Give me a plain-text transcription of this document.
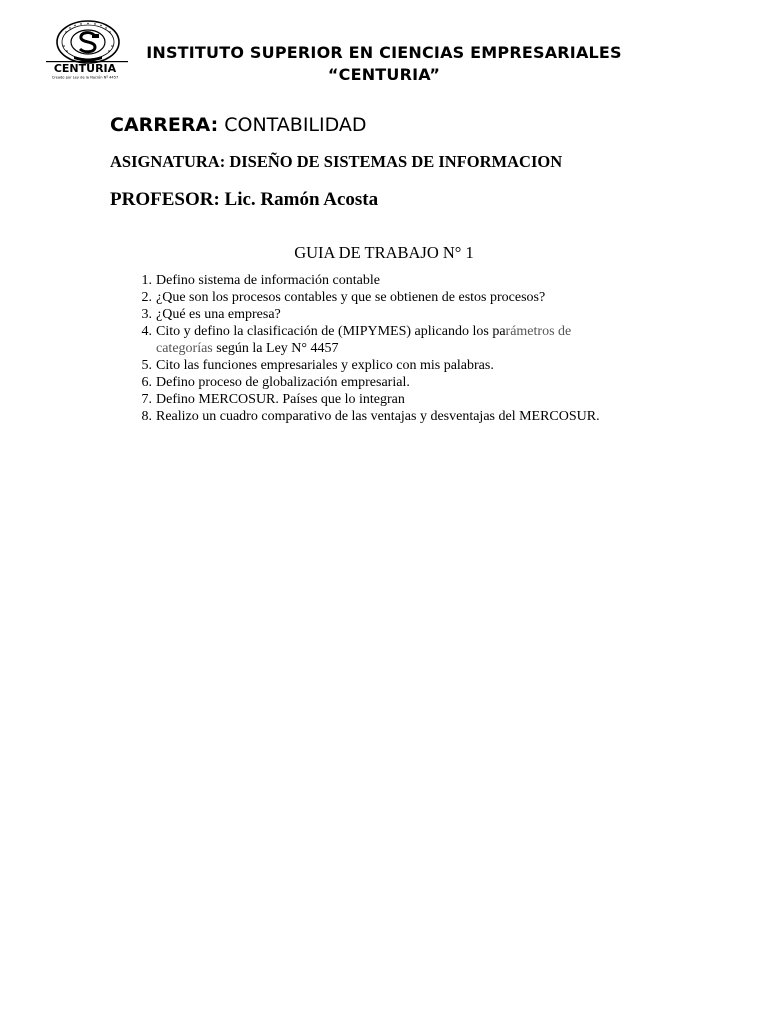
CENTURIA
Creado por Ley de la Nación Nº 4457
INSTITUTO SUPERIOR EN CIENCIAS EMPRESARIALES
“CENTURIA”
CARRERA: CONTABILIDAD
ASIGNATURA: DISEÑO DE SISTEMAS DE INFORMACION
PROFESOR: Lic. Ramón Acosta
GUIA DE TRABAJO N° 1
1. Defino sistema de información contable
2. ¿Que son los procesos contables y que se obtienen de estos procesos?
3. ¿Qué es una empresa?
4. Cito y defino la clasificación de (MIPYMES) aplicando los parámetros de
categorías según la Ley N° 4457
5. Cito las funciones empresariales y explico con mis palabras.
6. Defino proceso de globalización empresarial.
7. Defino MERCOSUR. Países que lo integran
8. Realizo un cuadro comparativo de las ventajas y desventajas del MERCOSUR.
